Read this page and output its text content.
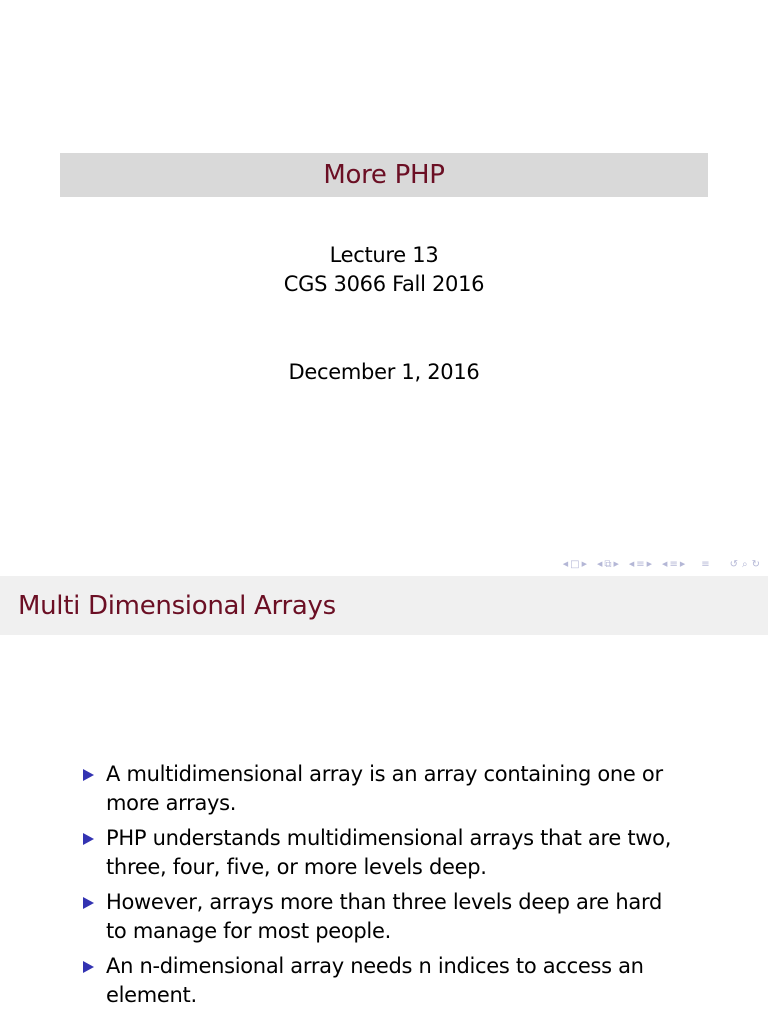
More PHP
Lecture 13
CGS 3066 Fall 2016
December 1, 2016
◀ □ ▶ ◀ ⧉ ▶ ◀ ≡ ▶ ◀ ≡ ▶ ≡ ↺ ⌕ ↻
Multi Dimensional Arrays
A multidimensional array is an array containing one or more arrays.
PHP understands multidimensional arrays that are two, three, four, five, or more levels deep.
However, arrays more than three levels deep are hard to manage for most people.
An n-dimensional array needs n indices to access an element.
